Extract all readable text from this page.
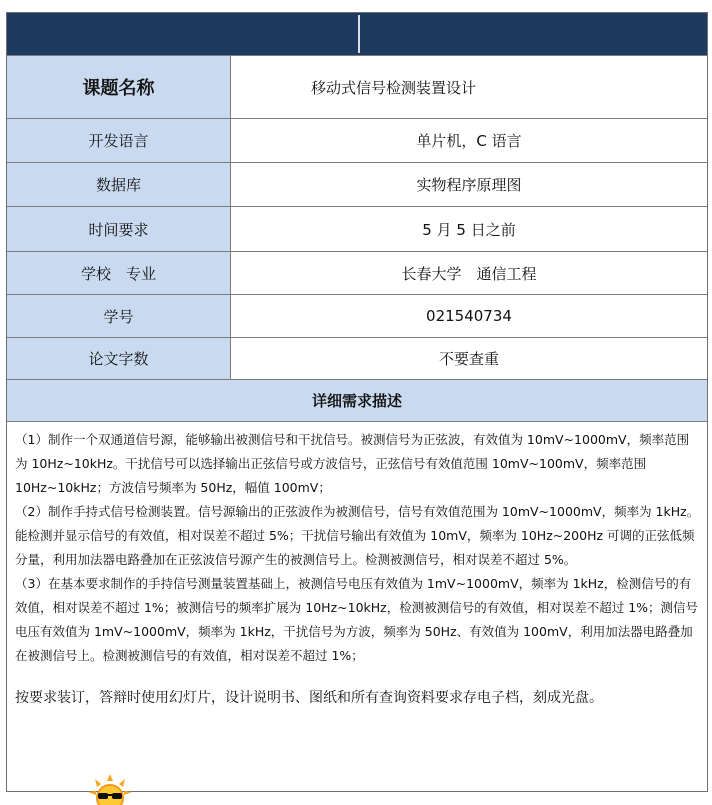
课题名称	移动式信号检测装置设计
开发语言	单片机，C 语言
数据库	实物程序原理图
时间要求	5 月 5 日之前
学校　专业	长春大学　通信工程
学号	021540734
论文字数	不要查重
详细需求描述

（1）制作一个双通道信号源，能够输出被测信号和干扰信号。被测信号为正弦波，有效值为 10mV~1000mV，频率范围为 10Hz~10kHz。干扰信号可以选择输出正弦信号或方波信号，正弦信号有效值范围 10mV~100mV，频率范围 10Hz~10kHz；方波信号频率为 50Hz，幅值 100mV；

（2）制作手持式信号检测装置。信号源输出的正弦波作为被测信号，信号有效值范围为 10mV~1000mV，频率为 1kHz。能检测并显示信号的有效值，相对误差不超过 5%；干扰信号输出有效值为 10mV，频率为 10Hz~200Hz 可调的正弦低频分量，利用加法器电路叠加在正弦波信号源产生的被测信号上。检测被测信号，相对误差不超过 5%。

（3）在基本要求制作的手持信号测量装置基础上，被测信号电压有效值为 1mV~1000mV，频率为 1kHz，检测信号的有效值，相对误差不超过 1%；被测信号的频率扩展为 10Hz~10kHz，检测被测信号的有效值，相对误差不超过 1%；测信号电压有效值为 1mV~1000mV，频率为 1kHz，干扰信号为方波，频率为 50Hz、有效值为 100mV，利用加法器电路叠加在被测信号上。检测被测信号的有效值，相对误差不超过 1%；

按要求装订，答辩时使用幻灯片，设计说明书、图纸和所有查询资料要求存电子档，刻成光盘。
